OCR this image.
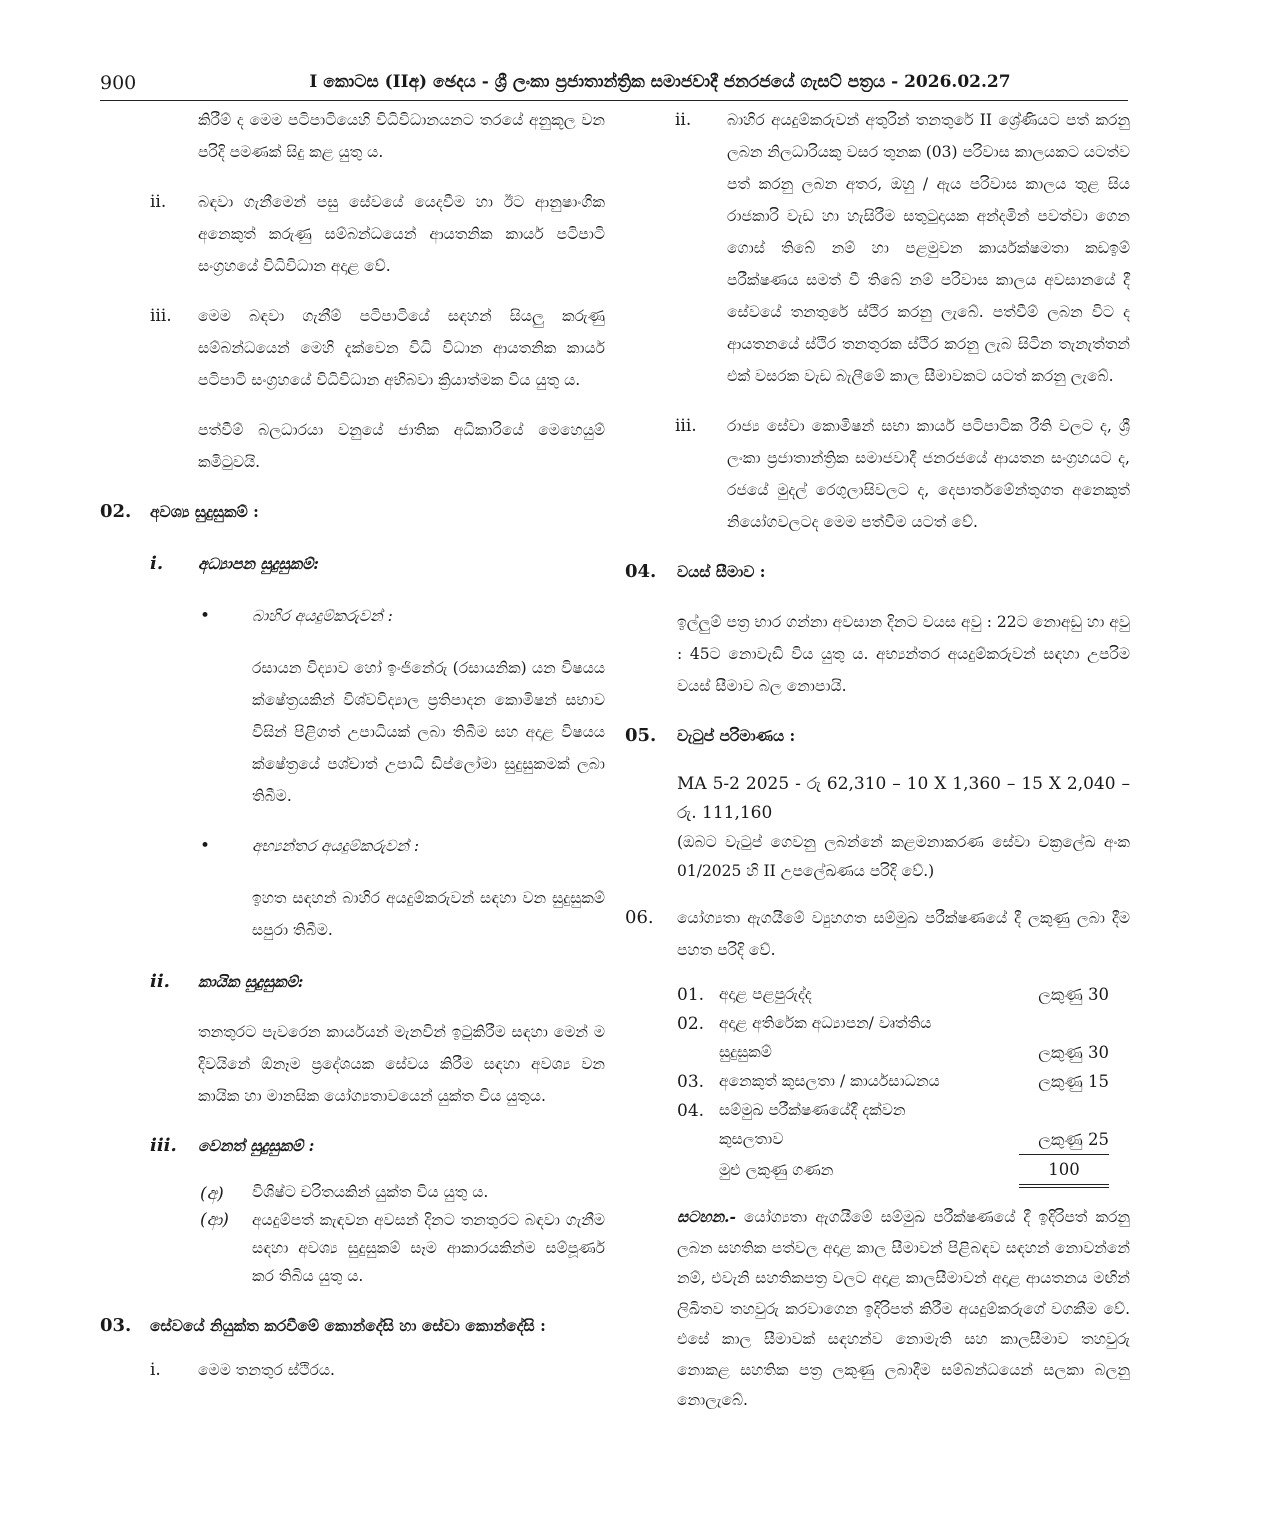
900	I කොටස (IIඅ) ඡෙදය - ශ්‍රී ලංකා ප්‍රජාතාන්ත්‍රික සමාජවාදී ජනරජයේ ගැසට් පත්‍රය - 2026.02.27
කිරීම් ද මෙම පටිපාටියෙහි විධිවිධානයනට තරයේ අනුකූල වන පරිදි පමණක් සිදු කළ යුතු ය.
ii. බඳවා ගැනීමෙන් පසු සේවයේ යෙදවීම හා ඊට ආනුෂාංගික අනෙකුත් කරුණු සම්බන්ධයෙන් ආයතනික කාර්ය පටිපාටි සංග්‍රහයේ විධිවිධාන අදාළ වේ.
iii. මෙම බඳවා ගැනීම් පටිපාටියේ සඳහන් සියලු කරුණු සම්බන්ධයෙන් මෙහි දැක්වෙන විධි විධාන ආයතනික කාර්ය පටිපාටි සංග්‍රහයේ විධිවිධාන අභිබවා ක්‍රියාත්මක විය යුතු ය.
පත්වීම් බලධාරයා වනුයේ ජාතික අධිකාරියේ මෙහෙයුම් කමිටුවයි.
02. අවශ්‍ය සුදුසුකම් :
i. අධ්‍යාපන සුදුසුකම්:
•	බාහිර අයදුම්කරුවන් :
රසායන විද්‍යාව හෝ ඉංජිනේරු (රසායනික) යන විෂයය ක්ෂේත්‍රයකින් විශ්වවිද්‍යාල ප්‍රතිපාදන කොමිෂන් සභාව විසින් පිළිගත් උපාධියක් ලබා තිබීම සහ අදාළ විෂයය ක්ෂේත්‍රයේ පශ්චාත් උපාධි ඩිප්ලෝමා සුදුසුකමක් ලබා තිබීම.
•	අභ්‍යන්තර අයදුම්කරුවන් :
ඉහත සඳහන් බාහිර අයදුම්කරුවන් සඳහා වන සුදුසුකම් සපුරා තිබීම.
ii. කායික සුදුසුකම්:
තනතුරට පැවරෙන කාර්යයන් මැනවින් ඉටුකිරීම සඳහා මෙන් ම දිවයිනේ ඕනෑම ප්‍රදේශයක සේවය කිරීම සඳහා අවශ්‍ය වන කායික හා මානසික යෝග්‍යතාවයෙන් යුක්ත විය යුතුය.
iii. වෙනත් සුදුසුකම් :
(අ) විශිෂ්ට චරිතයකින් යුක්ත විය යුතු ය.
(ආ) අයදුම්පත් කැඳවන අවසන් දිනට තනතුරට බඳවා ගැනීම සඳහා අවශ්‍ය සුදුසුකම් සෑම ආකාරයකින්ම සම්පූර්ණ කර තිබිය යුතු ය.
03. සේවයේ නියුක්ත කරවීමේ කොන්දේසි හා සේවා කොන්දේසි :
i. මෙම තනතුර ස්ථිරය.
ii. බාහිර අයදුම්කරුවන් අතුරින් තනතුරේ II ශ්‍රේණියට පත් කරනු ලබන නිලධාරියකු වසර තුනක (03) පරිවාස කාලයකට යටත්ව පත් කරනු ලබන අතර, ඔහු / ඇය පරිවාස කාලය තුළ සිය රාජකාරි වැඩ හා හැසිරීම සතුටුදායක අන්දමින් පවත්වා ගෙන ගොස් තිබේ නම් හා පළමුවන කාර්යක්ෂමතා කඩඉම් පරීක්ෂණය සමත් වී තිබේ නම් පරිවාස කාලය අවසානයේ දී සේවයේ තනතුරේ ස්ථිර කරනු ලැබේ. පත්වීම් ලබන විට ද ආයතනයේ ස්ථිර තනතුරක ස්ථිර කරනු ලැබ සිටින තැනැත්තන් එක් වසරක වැඩ බැලීමේ කාල සීමාවකට යටත් කරනු ලැබේ.
iii. රාජ්‍ය සේවා කොමිෂන් සභා කාර්ය පටිපාටික රීති වලට ද, ශ්‍රී ලංකා ප්‍රජාතාන්ත්‍රික සමාජවාදී ජනරජයේ ආයතන සංග්‍රහයට ද, රජයේ මුදල් රෙගුලාසිවලට ද, දෙපාර්තමේන්තුගත අනෙකුත් නියෝගවලටද මෙම පත්වීම යටත් වේ.
04. වයස් සීමාව :
ඉල්ලුම් පත්‍ර භාර ගන්නා අවසාන දිනට වයස අවු : 22ට නොඅඩු හා අවු : 45ට නොවැඩි විය යුතු ය. අභ්‍යන්තර අයදුම්කරුවන් සඳහා උපරිම වයස් සීමාව බල නොපායි.
05. වැටුප් පරිමාණය :
MA 5-2 2025 - රු 62,310 – 10 X 1,360 – 15 X 2,040 – රු. 111,160
(ඔබට වැටුප් ගෙවනු ලබන්නේ කළමනාකරණ සේවා චක්‍රලේඛ අංක 01/2025 හි II උපලේඛණය පරිදි වේ.)
06. යෝග්‍යතා ඇගයීමේ ව්‍යුහගත සම්මුඛ පරීක්ෂණයේ දී ලකුණු ලබා දීම පහත පරිදි වේ.
01.	අදාළ පළපුරුද්ද	ලකුණු 30
02.	අදාළ අතිරේක අධ්‍යාපන/ වෘත්තිය	
	සුදුසුකම්	ලකුණු 30
03.	අනෙකුත් කුසලතා / කාර්යසාධනය	ලකුණු 15
04.	සම්මුඛ පරීක්ෂණයේදී දක්වන	
	කුසලතාව	ලකුණු 25
	මුළු ලකුණු ගණන	100
සටහන.- යෝග්‍යතා ඇගයීමේ සම්මුඛ පරීක්ෂණයේ දී ඉදිරිපත් කරනු ලබන සහතික පත්වල අදාළ කාල සීමාවන් පිළිබඳව සඳහන් නොවන්නේ නම්, එවැනි සහතිකපත්‍ර වලට අදාළ කාලසීමාවන් අදාළ ආයතනය මඟින් ලිඛිතව තහවුරු කරවාගෙන ඉදිරිපත් කිරීම අයදුම්කරුගේ වගකීම වේ. එසේ කාල සීමාවක් සඳහන්ව නොමැති සහ කාලසීමාව තහවුරු නොකළ සහතික පත්‍ර ලකුණු ලබාදීම සම්බන්ධයෙන් සලකා බලනු නොලැබේ.
